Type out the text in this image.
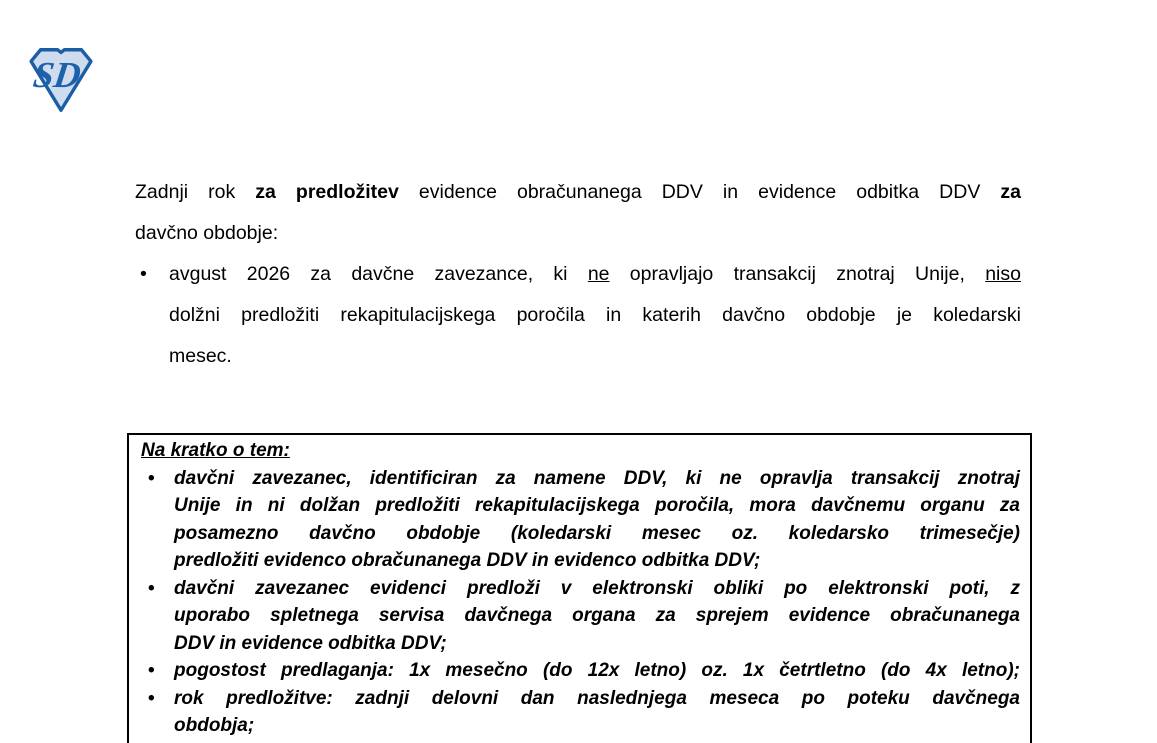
SD
Zadnji rok za predložitev evidence obračunanega DDV in evidence odbitka DDV za
davčno obdobje:
•	avgust 2026 za davčne zavezance, ki ne opravljajo transakcij znotraj Unije, niso
dolžni predložiti rekapitulacijskega poročila in katerih davčno obdobje je koledarski
mesec.
Na kratko o tem:
•	davčni zavezanec, identificiran za namene DDV, ki ne opravlja transakcij znotraj
Unije in ni dolžan predložiti rekapitulacijskega poročila, mora davčnemu organu za
posamezno davčno obdobje (koledarski mesec oz. koledarsko trimesečje)
predložiti evidenco obračunanega DDV in evidenco odbitka DDV;
•	davčni zavezanec evidenci predloži v elektronski obliki po elektronski poti, z
uporabo spletnega servisa davčnega organa za sprejem evidence obračunanega
DDV in evidence odbitka DDV;
•	pogostost predlaganja: 1x mesečno (do 12x letno) oz. 1x četrtletno (do 4x letno);
•	rok predložitve: zadnji delovni dan naslednjega meseca po poteku davčnega
obdobja;
